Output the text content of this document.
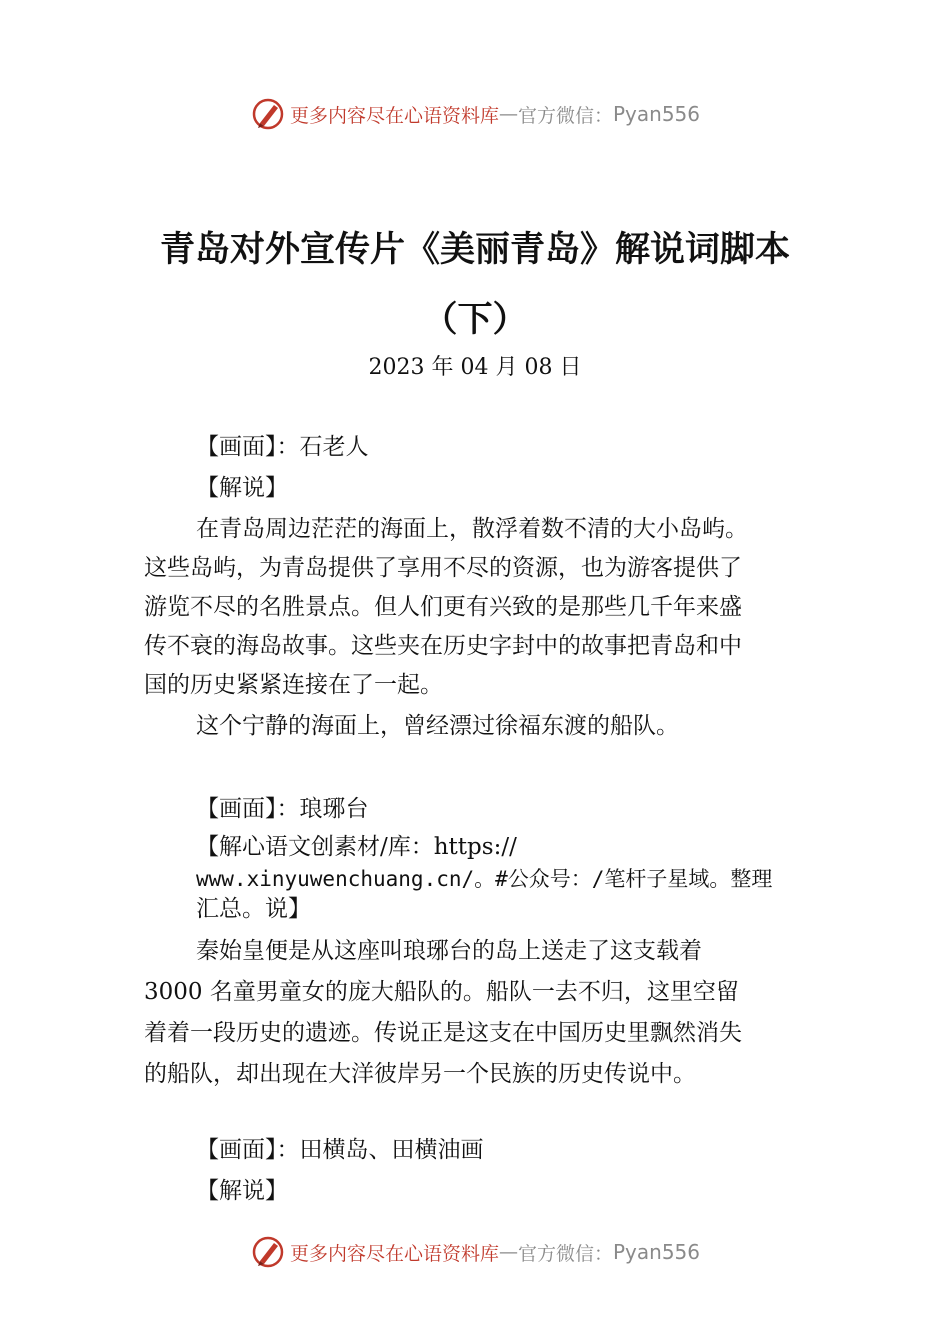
更多内容尽在心语资料库 — 官方微信： Pyan556
青岛对外宣传片《美丽青岛》解说词脚本
（下）
2023 年 04 月 08 日
【画面】：石老人
【解说】
在青岛周边茫茫的海面上，散浮着数不清的大小岛屿。
这些岛屿，为青岛提供了享用不尽的资源，也为游客提供了
游览不尽的名胜景点。但人们更有兴致的是那些几千年来盛
传不衰的海岛故事。这些夹在历史字封中的故事把青岛和中
国的历史紧紧连接在了一起。
这个宁静的海面上，曾经漂过徐福东渡的船队。
【画面】：琅琊台
【解心语文创素材/库：https://
www.xinyuwenchuang.cn/。#公众号：/笔杆子星域。整理
汇总。说】
秦始皇便是从这座叫琅琊台的岛上送走了这支载着
3000 名童男童女的庞大船队的。船队一去不归，这里空留
着着一段历史的遗迹。传说正是这支在中国历史里飘然消失
的船队，却出现在大洋彼岸另一个民族的历史传说中。
【画面】：田横岛、田横油画
【解说】
更多内容尽在心语资料库 — 官方微信： Pyan556
